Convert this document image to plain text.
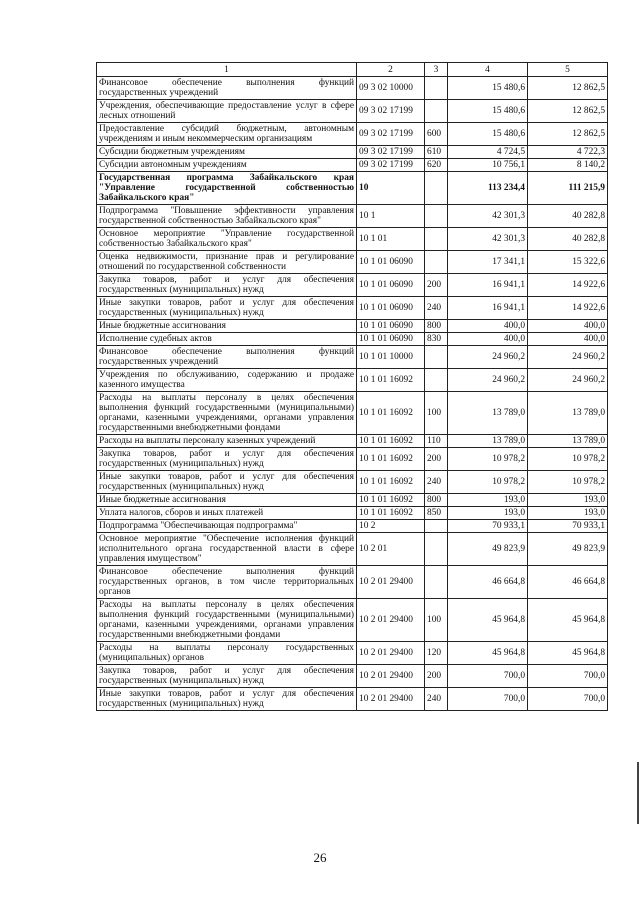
1	2	3	4	5
Финансовое обеспечение выполнения функций государственных учреждений	09 3 02 10000		15 480,6	12 862,5
Учреждения, обеспечивающие предоставление услуг в сфере лесных отношений	09 3 02 17199		15 480,6	12 862,5
Предоставление субсидий бюджетным, автономным учреждениям и иным некоммерческим организациям	09 3 02 17199	600	15 480,6	12 862,5
Субсидии бюджетным учреждениям	09 3 02 17199	610	4 724,5	4 722,3
Субсидии автономным учреждениям	09 3 02 17199	620	10 756,1	8 140,2
Государственная программа Забайкальского края "Управление государственной собственностью Забайкальского края"	10		113 234,4	111 215,9
Подпрограмма "Повышение эффективности управления государственной собственностью Забайкальского края"	10 1		42 301,3	40 282,8
Основное мероприятие "Управление государственной собственностью Забайкальского края"	10 1 01		42 301,3	40 282,8
Оценка недвижимости, признание прав и регулирование отношений по государственной собственности	10 1 01 06090		17 341,1	15 322,6
Закупка товаров, работ и услуг для обеспечения государственных (муниципальных) нужд	10 1 01 06090	200	16 941,1	14 922,6
Иные закупки товаров, работ и услуг для обеспечения государственных (муниципальных) нужд	10 1 01 06090	240	16 941,1	14 922,6
Иные бюджетные ассигнования	10 1 01 06090	800	400,0	400,0
Исполнение судебных актов	10 1 01 06090	830	400,0	400,0
Финансовое обеспечение выполнения функций государственных учреждений	10 1 01 10000		24 960,2	24 960,2
Учреждения по обслуживанию, содержанию и продаже казенного имущества	10 1 01 16092		24 960,2	24 960,2
Расходы на выплаты персоналу в целях обеспечения выполнения функций государственными (муниципальными) органами, казенными учреждениями, органами управления государственными внебюджетными фондами	10 1 01 16092	100	13 789,0	13 789,0
Расходы на выплаты персоналу казенных учреждений	10 1 01 16092	110	13 789,0	13 789,0
Закупка товаров, работ и услуг для обеспечения государственных (муниципальных) нужд	10 1 01 16092	200	10 978,2	10 978,2
Иные закупки товаров, работ и услуг для обеспечения государственных (муниципальных) нужд	10 1 01 16092	240	10 978,2	10 978,2
Иные бюджетные ассигнования	10 1 01 16092	800	193,0	193,0
Уплата налогов, сборов и иных платежей	10 1 01 16092	850	193,0	193,0
Подпрограмма "Обеспечивающая подпрограмма"	10 2		70 933,1	70 933,1
Основное мероприятие "Обеспечение исполнения функций исполнительного органа государственной власти в сфере управления имуществом"	10 2 01		49 823,9	49 823,9
Финансовое обеспечение выполнения функций государственных органов, в том числе территориальных органов	10 2 01 29400		46 664,8	46 664,8
Расходы на выплаты персоналу в целях обеспечения выполнения функций государственными (муниципальными) органами, казенными учреждениями, органами управления государственными внебюджетными фондами	10 2 01 29400	100	45 964,8	45 964,8
Расходы на выплаты персоналу государственных (муниципальных) органов	10 2 01 29400	120	45 964,8	45 964,8
Закупка товаров, работ и услуг для обеспечения государственных (муниципальных) нужд	10 2 01 29400	200	700,0	700,0
Иные закупки товаров, работ и услуг для обеспечения государственных (муниципальных) нужд	10 2 01 29400	240	700,0	700,0
26
